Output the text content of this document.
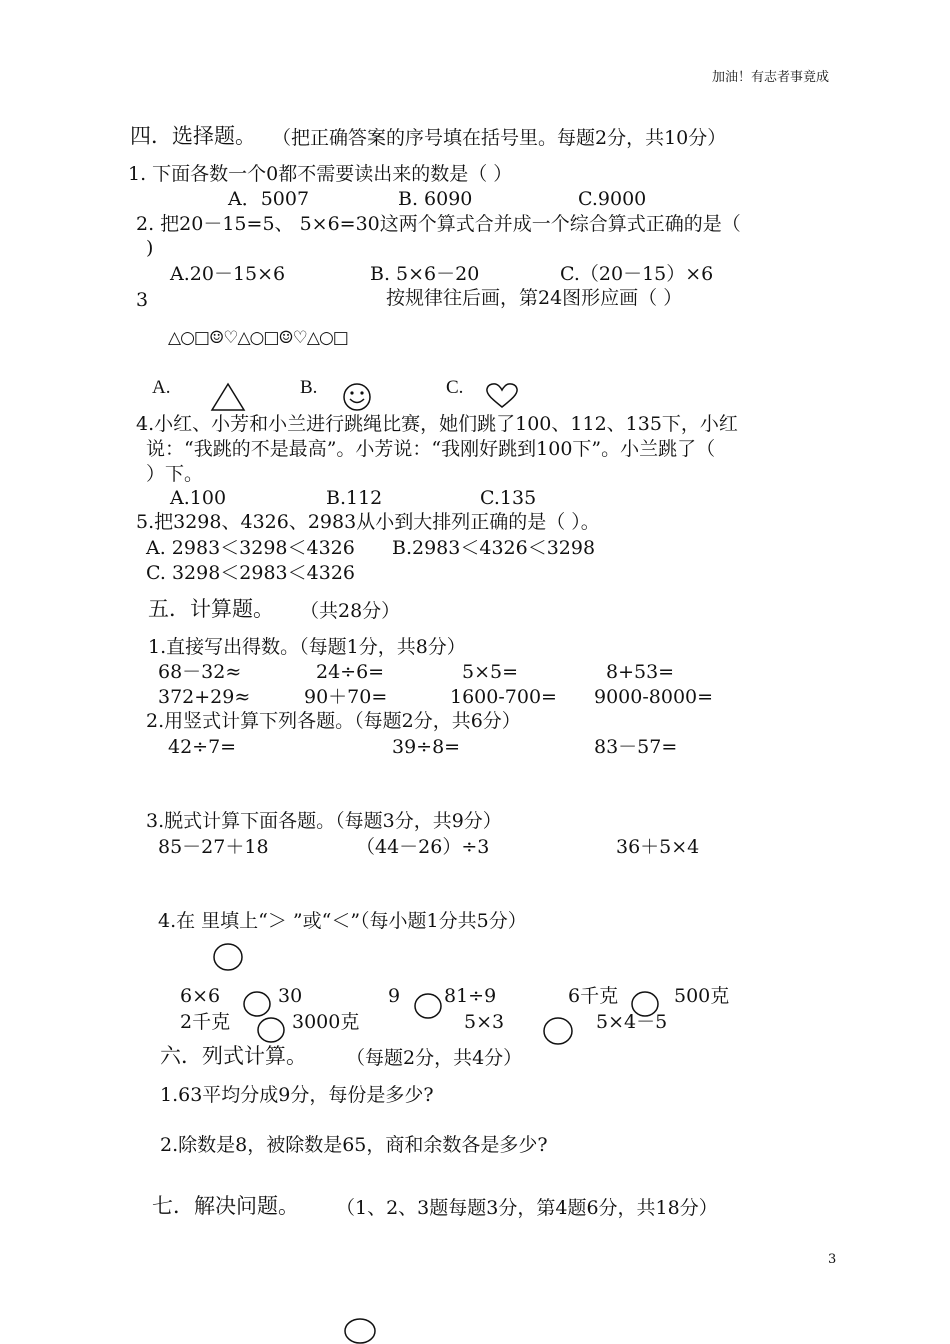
加油！有志者事竟成
四．选择题。 （把正确答案的序号填在括号里。每题2分，共10分）
1. 下面各数一个0都不需要读出来的数是（ ）
A．5007	B. 6090	C.9000
2. 把20－15=5、 5×6=30这两个算式合并成一个综合算式正确的是（
)
A.20－15×6	B. 5×6－20	C.（20－15）×6
3	按规律往后画，第24图形应画（ ）
△○□☺♡△○□☺♡△○□
A.	B.	C.
4.小红、小芳和小兰进行跳绳比赛，她们跳了100、112、135下，小红
说：“我跳的不是最高”。小芳说：“我刚好跳到100下”。小兰跳了（
）下。
A.100	B.112	C.135
5.把3298、4326、2983从小到大排列正确的是（ ）。
A. 2983＜3298＜4326 B.2983＜4326＜3298
C. 3298＜2983＜4326
五．计算题。 （共28分）
1.直接写出得数。（每题1分，共8分）
68－32≈	24÷6=	5×5=	8+53=
372+29≈	90＋70=	1600-700= 9000-8000=
2.用竖式计算下列各题。（每题2分，共6分）
42÷7=	39÷8=	83－57=
3.脱式计算下面各题。（每题3分，共9分）
85－27＋18	（44－26）÷3	36＋5×4
4.在 里填上“＞ ”或“＜”（每小题1分共5分）
6×6	30	9 81÷9	6千克	500克
2千克	3000克	5×3	5×4－5
六．列式计算。 （每题2分，共4分）
1.63平均分成9分，每份是多少?
2.除数是8，被除数是65，商和余数各是多少?
七．解决问题。 （1、2、3题每题3分，第4题6分，共18分）
3
